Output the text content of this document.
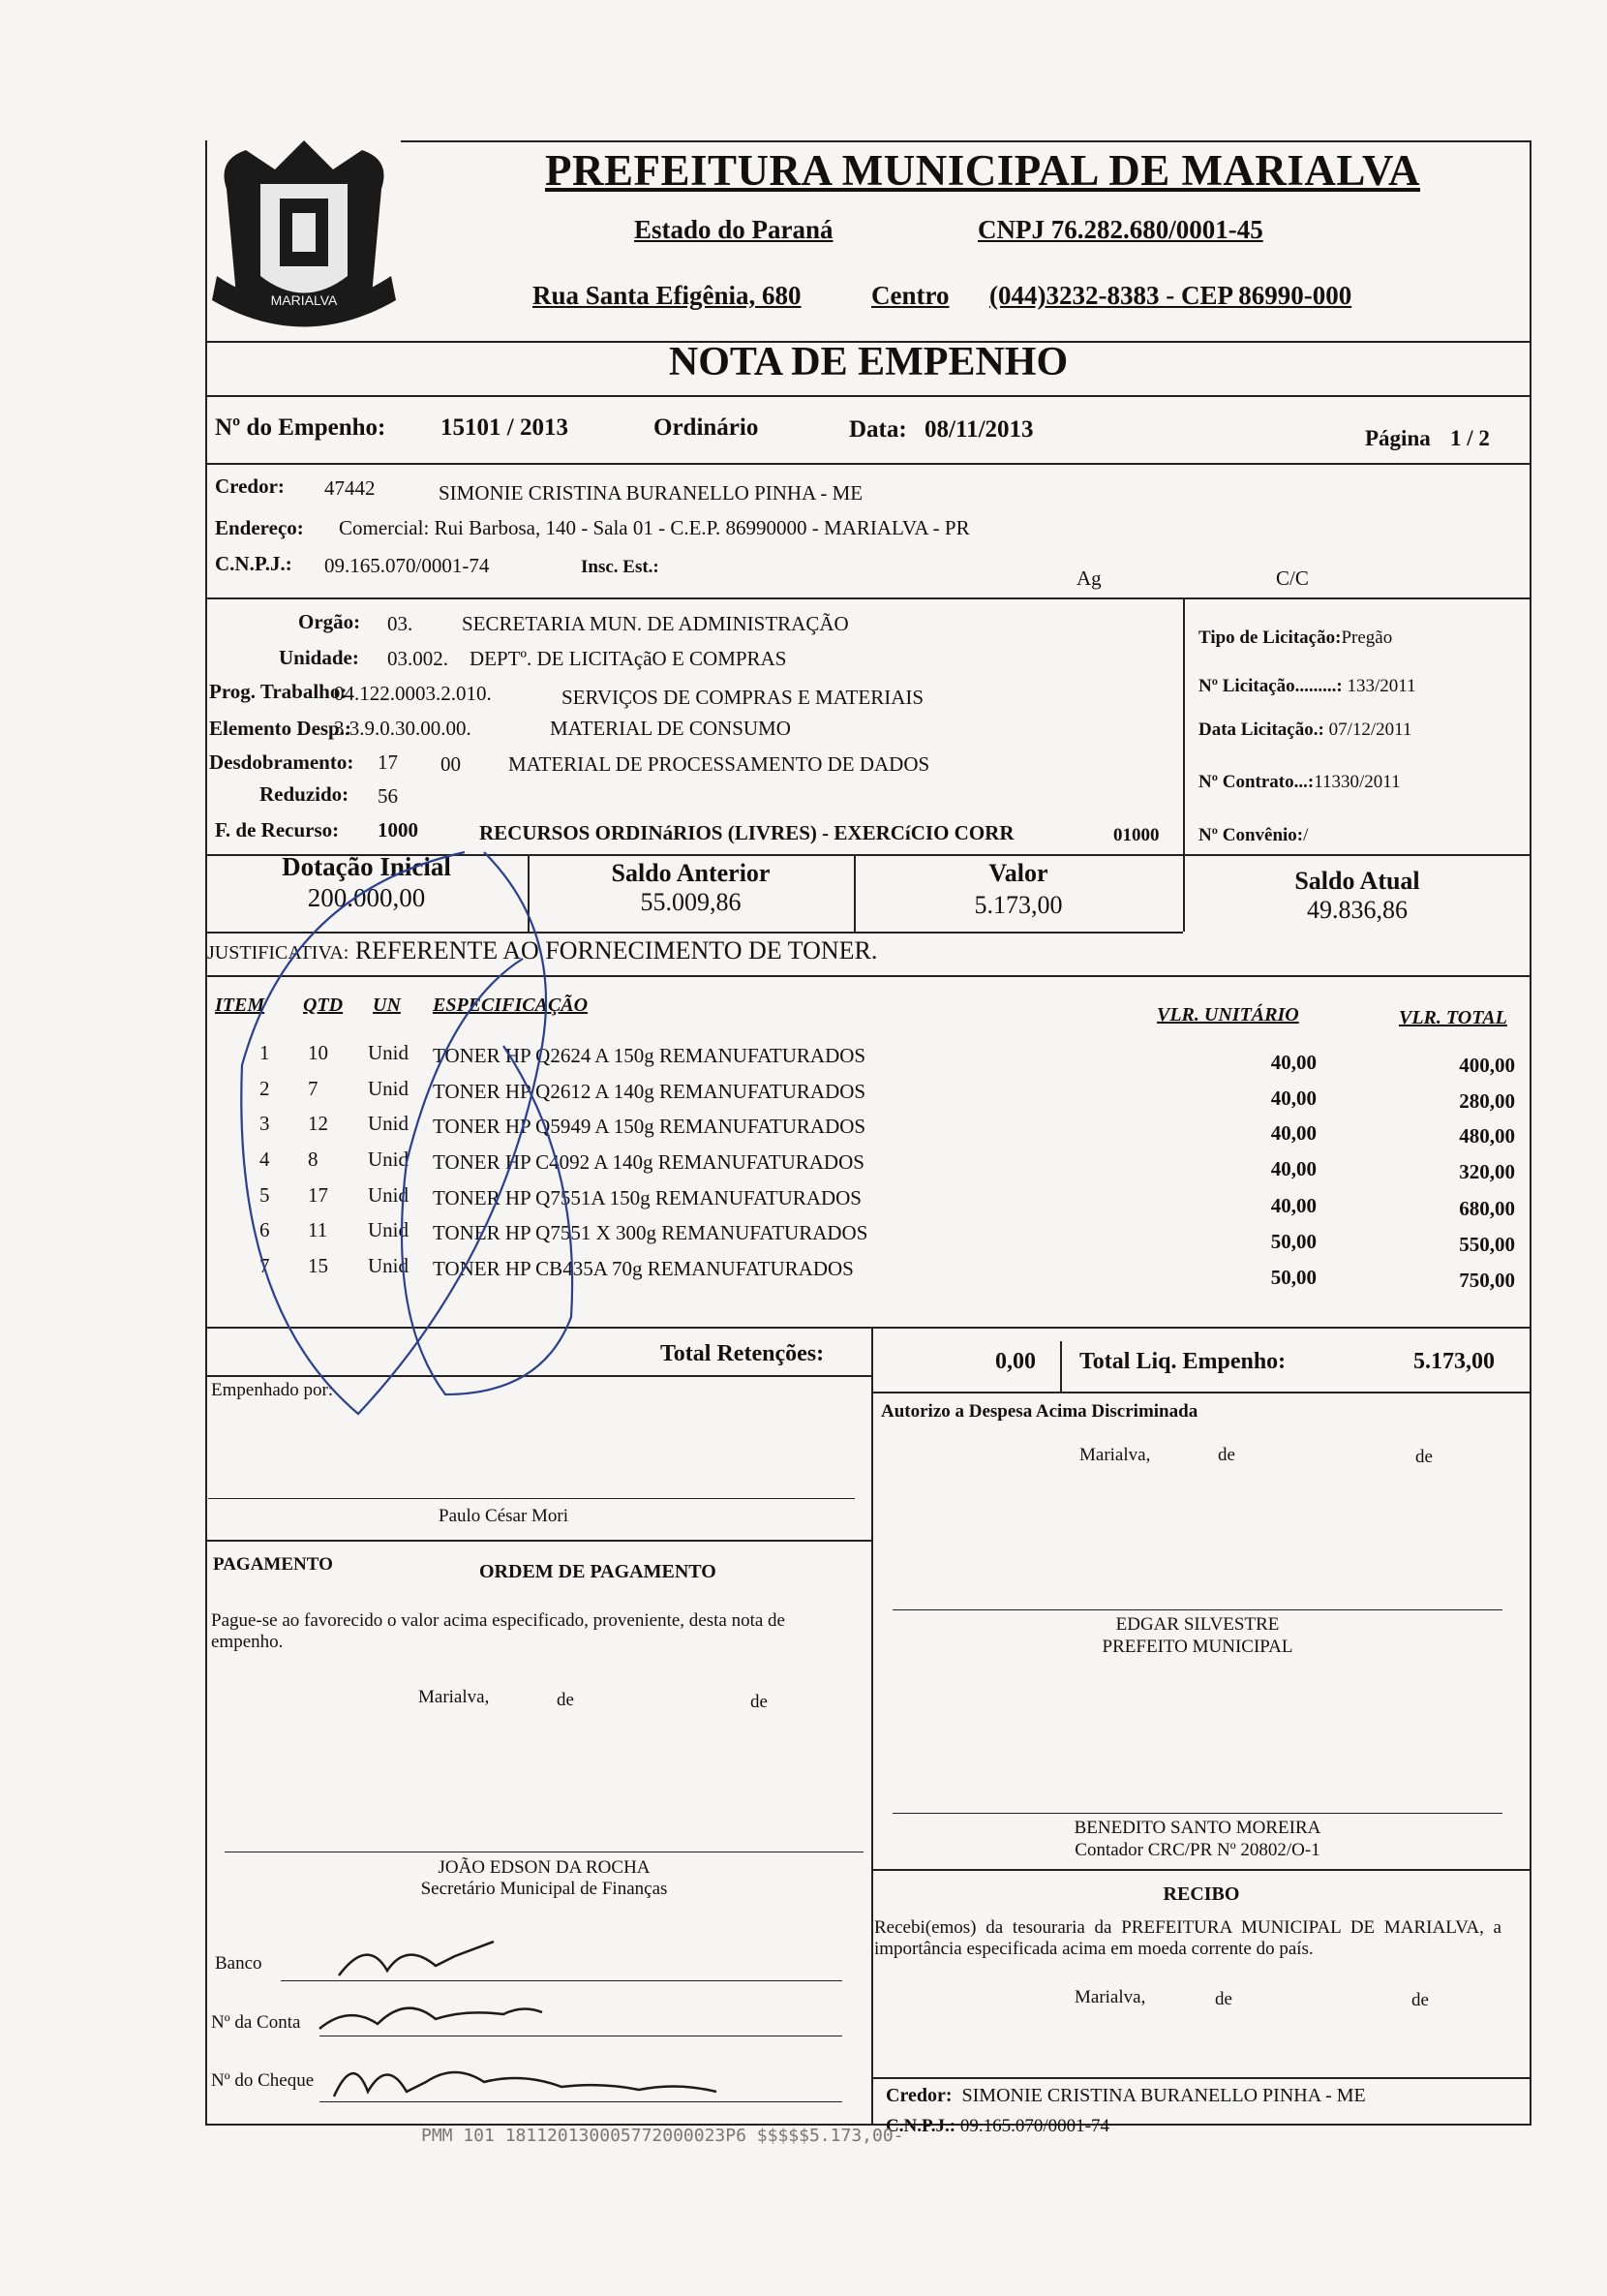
MARIALVA
PREFEITURA MUNICIPAL DE MARIALVA
Estado do Paraná	CNPJ 76.282.680/0001-45
Rua Santa Efigênia, 680	Centro (044)3232-8383 - CEP 86990-000
NOTA DE EMPENHO
Nº do Empenho: 15101 / 2013	Ordinário	Data: 08/11/2013	Página 1 / 2
Credor: 47442	SIMONIE CRISTINA BURANELLO PINHA - ME
Endereço: Comercial: Rui Barbosa, 140 - Sala 01 - C.E.P. 86990000 - MARIALVA - PR
C.N.P.J.: 09.165.070/0001-74	Insc. Est.:	Ag	C/C
Orgão: 03. SECRETARIA MUN. DE ADMINISTRAÇÃO
Unidade: 03.002. DEPTº. DE LICITAçãO E COMPRAS
Prog. Trabalho:
04.122.0003.2.010.	SERVIÇOS DE COMPRAS E MATERIAIS
Elemento Desp.:
3.3.9.0.30.00.00.	MATERIAL DE CONSUMO
Desdobramento: 17 00 MATERIAL DE PROCESSAMENTO DE DADOS
Reduzido: 56
F. de Recurso: 1000	RECURSOS ORDINáRIOS (LIVRES) - EXERCíCIO CORR	01000
Tipo de Licitação:Pregão
Nº Licitação.........: 133/2011
Data Licitação.: 07/12/2011
Nº Contrato...:11330/2011
Nº Convênio:/
Dotação Inicial
200.000,00
Saldo Anterior
55.009,86
Valor
5.173,00
Saldo Atual
49.836,86
JUSTIFICATIVA: REFERENTE AO FORNECIMENTO DE TONER.
ITEM QTD UN ESPECIFICAÇÃO	VLR. UNITÁRIO	VLR. TOTAL
1 10 Unid TONER HP Q2624 A 150g REMANUFATURADOS	40,00	400,00
2 7 Unid TONER HP Q2612 A 140g REMANUFATURADOS	40,00	280,00
3 12 Unid TONER HP Q5949 A 150g REMANUFATURADOS	40,00	480,00
4 8 Unid TONER HP C4092 A 140g REMANUFATURADOS	40,00	320,00
5 17 Unid TONER HP Q7551A 150g REMANUFATURADOS	40,00	680,00
6 11 Unid TONER HP Q7551 X 300g REMANUFATURADOS	50,00	550,00
7 15 Unid TONER HP CB435A 70g REMANUFATURADOS	50,00	750,00
Total Retenções:	0,00 Total Liq. Empenho:	5.173,00
Empenhado por:
Paulo César Mori
Autorizo a Despesa Acima Discriminada
Marialva,	de	de
EDGAR SILVESTRE
PREFEITO MUNICIPAL
PAGAMENTO	ORDEM DE PAGAMENTO
Pague-se ao favorecido o valor acima especificado, proveniente, desta nota de empenho.
Marialva,	de	de
BENEDITO SANTO MOREIRA
Contador CRC/PR Nº 20802/O-1
JOÃO EDSON DA ROCHA
Secretário Municipal de Finanças	RECIBO
Recebi(emos) da tesouraria da PREFEITURA MUNICIPAL DE MARIALVA, a importância especificada acima em moeda corrente do país.
Marialva,	de	de
Credor: SIMONIE CRISTINA BURANELLO PINHA - ME
C.N.P.J.: 09.165.070/0001-74
Banco
Nº da Conta
Nº do Cheque
PMM 101 181120130005772000023P6 $$$$$5.173,00-
